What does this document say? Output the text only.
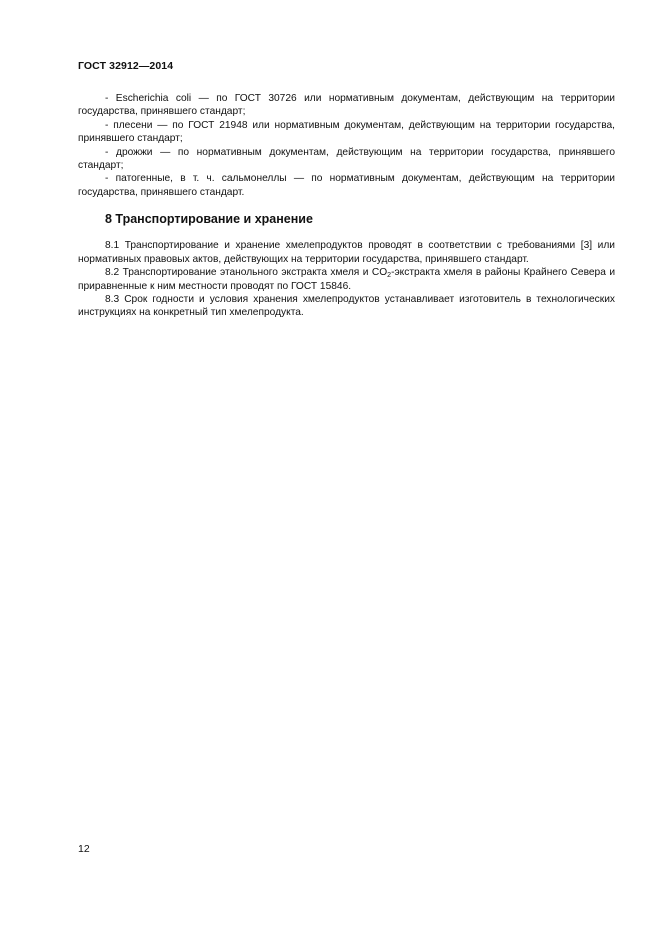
ГОСТ 32912—2014

- Escherichia coli — по ГОСТ 30726 или нормативным документам, действующим на территории государства, принявшего стандарт;

- плесени — по ГОСТ 21948 или нормативным документам, действующим на территории государства, принявшего стандарт;

- дрожжи — по нормативным документам, действующим на территории государства, принявшего стандарт;

- патогенные, в т. ч. сальмонеллы — по нормативным документам, действующим на территории государства, принявшего стандарт.

8 Транспортирование и хранение

8.1 Транспортирование и хранение хмелепродуктов проводят в соответствии с требованиями [3] или нормативных правовых актов, действующих на территории государства, принявшего стандарт.

8.2 Транспортирование этанольного экстракта хмеля и $CO_2$-экстракта хмеля в районы Крайнего Севера и приравненные к ним местности проводят по ГОСТ 15846.

8.3 Срок годности и условия хранения хмелепродуктов устанавливает изготовитель в технологических инструкциях на конкретный тип хмелепродукта.

12
